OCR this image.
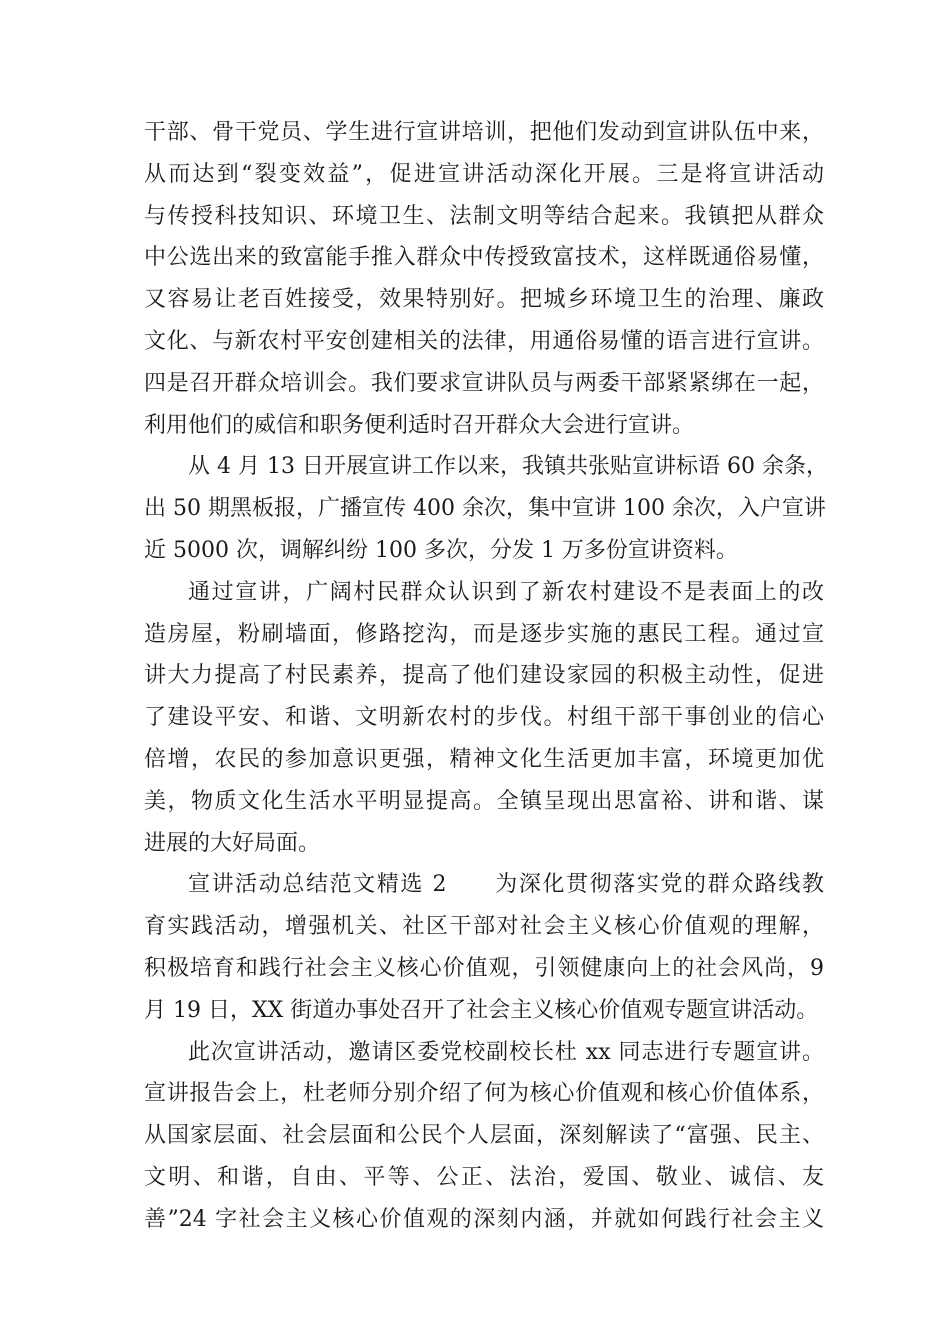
干部、骨干党员、学生进行宣讲培训，把他们发动到宣讲队伍中来，
从而达到“裂变效益”，促进宣讲活动深化开展。三是将宣讲活动
与传授科技知识、环境卫生、法制文明等结合起来。我镇把从群众
中公选出来的致富能手推入群众中传授致富技术，这样既通俗易懂，
又容易让老百姓接受，效果特别好。把城乡环境卫生的治理、廉政
文化、与新农村平安创建相关的法律，用通俗易懂的语言进行宣讲。
四是召开群众培训会。我们要求宣讲队员与两委干部紧紧绑在一起，
利用他们的威信和职务便利适时召开群众大会进行宣讲。
从 4 月 13 日开展宣讲工作以来，我镇共张贴宣讲标语 60 余条，
出 50 期黑板报，广播宣传 400 余次，集中宣讲 100 余次，入户宣讲
近 5000 次，调解纠纷 100 多次，分发 1 万多份宣讲资料。
通过宣讲，广阔村民群众认识到了新农村建设不是表面上的改
造房屋，粉刷墙面，修路挖沟，而是逐步实施的惠民工程。通过宣
讲大力提高了村民素养，提高了他们建设家园的积极主动性，促进
了建设平安、和谐、文明新农村的步伐。村组干部干事创业的信心
倍增，农民的参加意识更强，精神文化生活更加丰富，环境更加优
美，物质文化生活水平明显提高。全镇呈现出思富裕、讲和谐、谋
进展的大好局面。
宣讲活动总结范文精选 2　　为深化贯彻落实党的群众路线教
育实践活动，增强机关、社区干部对社会主义核心价值观的理解，
积极培育和践行社会主义核心价值观，引领健康向上的社会风尚，9
月 19 日，XX 街道办事处召开了社会主义核心价值观专题宣讲活动。
此次宣讲活动，邀请区委党校副校长杜 xx 同志进行专题宣讲。
宣讲报告会上，杜老师分别介绍了何为核心价值观和核心价值体系，
从国家层面、社会层面和公民个人层面，深刻解读了“富强、民主、
文明、和谐，自由、平等、公正、法治，爱国、敬业、诚信、友
善”24 字社会主义核心价值观的深刻内涵，并就如何践行社会主义
